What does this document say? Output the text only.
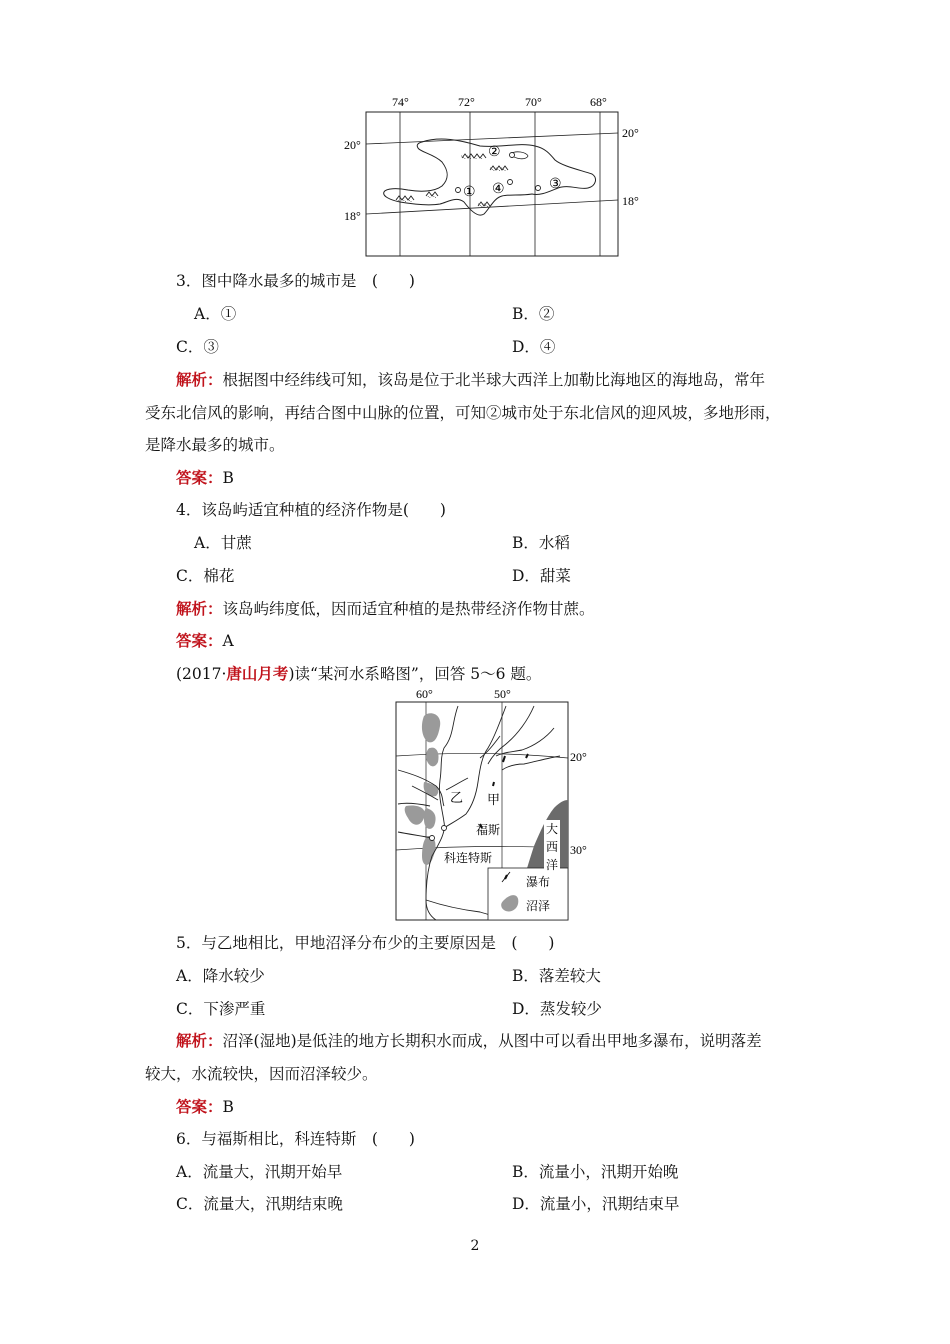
᨞᨞᨞᨞
᨞᨞᨞
᨞᨞᨞ ᨞᨞
᨞᨞
74°	72°	70°	68°
20°
18°
20°
18°
②
① ④	③
3．图中降水最多的城市是　(　　)
A．①	B．②
C．③	D．④
解析：根据图中经纬线可知，该岛是位于北半球大西洋上加勒比海地区的海地岛，常年
受东北信风的影响，再结合图中山脉的位置，可知②城市处于东北信风的迎风坡，多地形雨，
是降水最多的城市。
答案：B
4．该岛屿适宜种植的经济作物是(　　)
A．甘蔗	B．水稻
C．棉花	D．甜菜
解析：该岛屿纬度低，因而适宜种植的是热带经济作物甘蔗。
答案：A
(2017·唐山月考)读“某河水系略图”，回答 5～6 题。
60°	50°
20°
30°
乙 甲
福斯
科连特斯
大
西
洋
瀑布
沼泽
5．与乙地相比，甲地沼泽分布少的主要原因是　(　　)
A．降水较少	B．落差较大
C．下渗严重	D．蒸发较少
解析：沼泽(湿地)是低洼的地方长期积水而成，从图中可以看出甲地多瀑布，说明落差
较大，水流较快，因而沼泽较少。
答案：B
6．与福斯相比，科连特斯　(　　)
A．流量大，汛期开始早	B．流量小，汛期开始晚
C．流量大，汛期结束晚	D．流量小，汛期结束早
2
